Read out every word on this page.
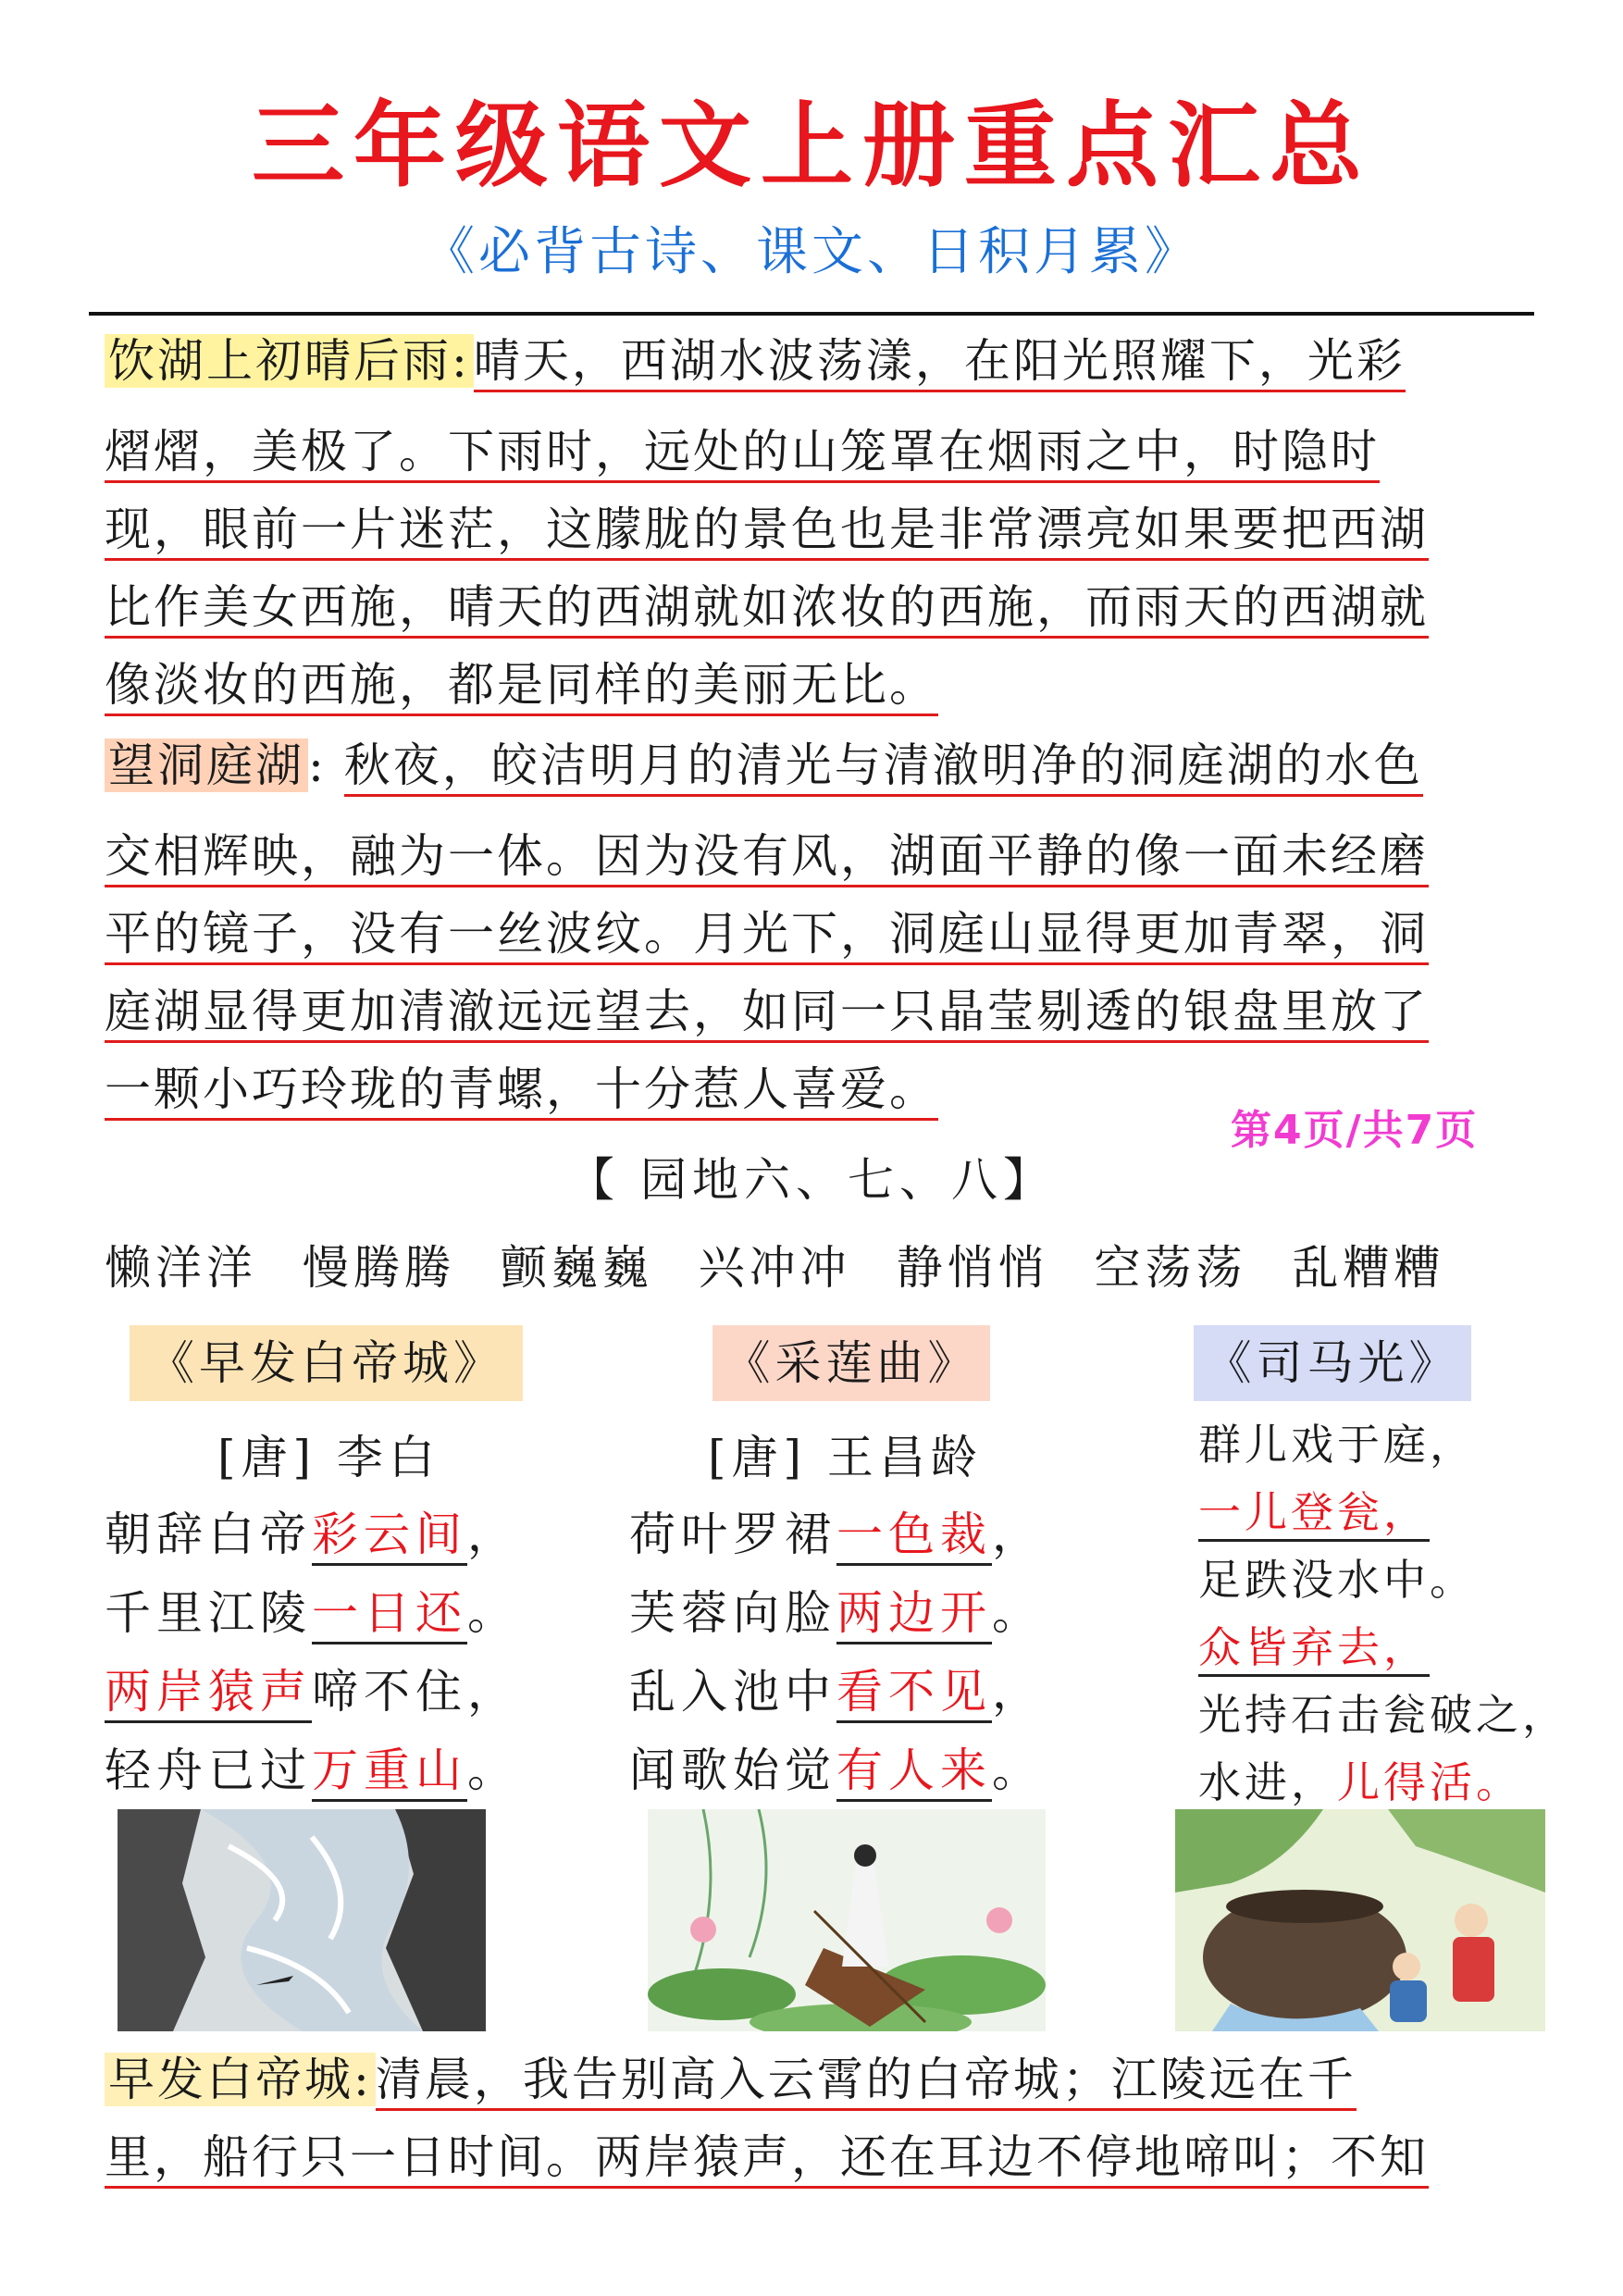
三年级语文上册重点汇总
《必背古诗、课文、日积月累》
饮湖上初晴后雨:晴天，西湖水波荡漾，在阳光照耀下，光彩
熠熠，美极了。下雨时，远处的山笼罩在烟雨之中，时隐时
现，眼前一片迷茫，这朦胧的景色也是非常漂亮如果要把西湖
比作美女西施，晴天的西湖就如浓妆的西施，而雨天的西湖就
像淡妆的西施，都是同样的美丽无比。
望洞庭湖: 秋夜，皎洁明月的清光与清澈明净的洞庭湖的水色
交相辉映，融为一体。因为没有风，湖面平静的像一面未经磨
平的镜子，没有一丝波纹。月光下，洞庭山显得更加青翠，洞
庭湖显得更加清澈远远望去，如同一只晶莹剔透的银盘里放了
一颗小巧玲珑的青螺，十分惹人喜爱。
第4页/共7页
【 园地六、七、八】
懒洋洋 慢腾腾 颤巍巍 兴冲冲 静悄悄 空荡荡 乱糟糟
《早发白帝城》
[唐] 李白
朝辞白帝彩云间，
千里江陵一日还。
两岸猿声啼不住，
轻舟已过万重山。
《采莲曲》
[唐] 王昌龄
荷叶罗裙一色裁，
芙蓉向脸两边开。
乱入池中看不见，
闻歌始觉有人来。
《司马光》
群儿戏于庭，
一儿登瓮，
足跌没水中。
众皆弃去，
光持石击瓮破之，
水进，儿得活。
早发白帝城:清晨，我告别高入云霄的白帝城；江陵远在千
里，船行只一日时间。两岸猿声，还在耳边不停地啼叫；不知
